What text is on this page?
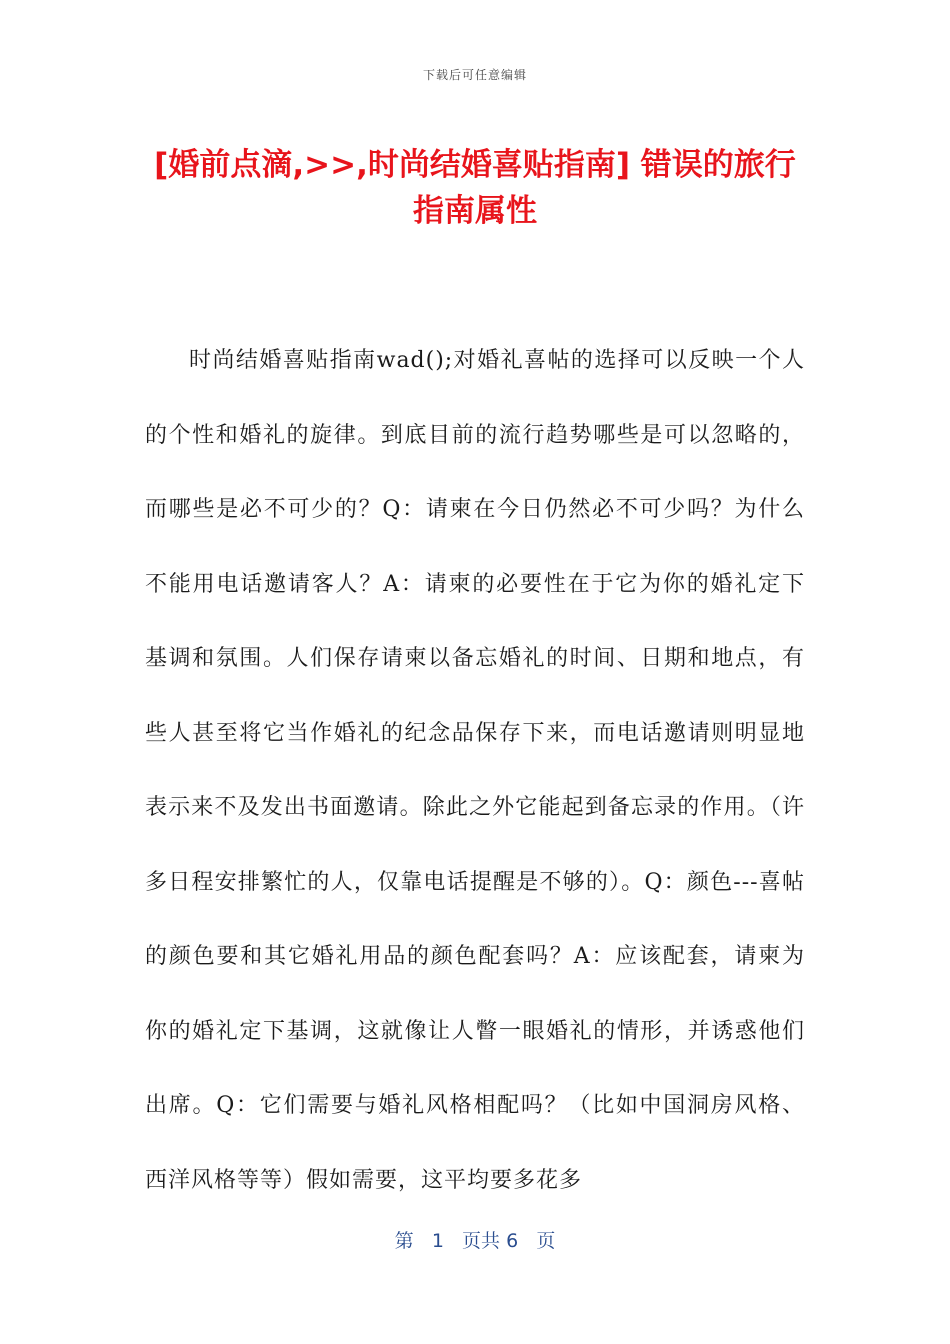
下载后可任意编辑
[婚前点滴,>>,时尚结婚喜贴指南] 错误的旅行指南属性

时尚结婚喜贴指南wad();对婚礼喜帖的选择可以反映一个人的个性和婚礼的旋律。到底目前的流行趋势哪些是可以忽略的，而哪些是必不可少的？Q：请柬在今日仍然必不可少吗？为什么不能用电话邀请客人？A：请柬的必要性在于它为你的婚礼定下基调和氛围。人们保存请柬以备忘婚礼的时间、日期和地点，有些人甚至将它当作婚礼的纪念品保存下来，而电话邀请则明显地表示来不及发出书面邀请。除此之外它能起到备忘录的作用。（许多日程安排繁忙的人，仅靠电话提醒是不够的）。Q：颜色---喜帖的颜色要和其它婚礼用品的颜色配套吗？A：应该配套，请柬为你的婚礼定下基调，这就像让人瞥一眼婚礼的情形，并诱惑他们出席。Q：它们需要与婚礼风格相配吗？（比如中国洞房风格、西洋风格等等）假如需要，这平均要多花多

第 1 页共 6 页
